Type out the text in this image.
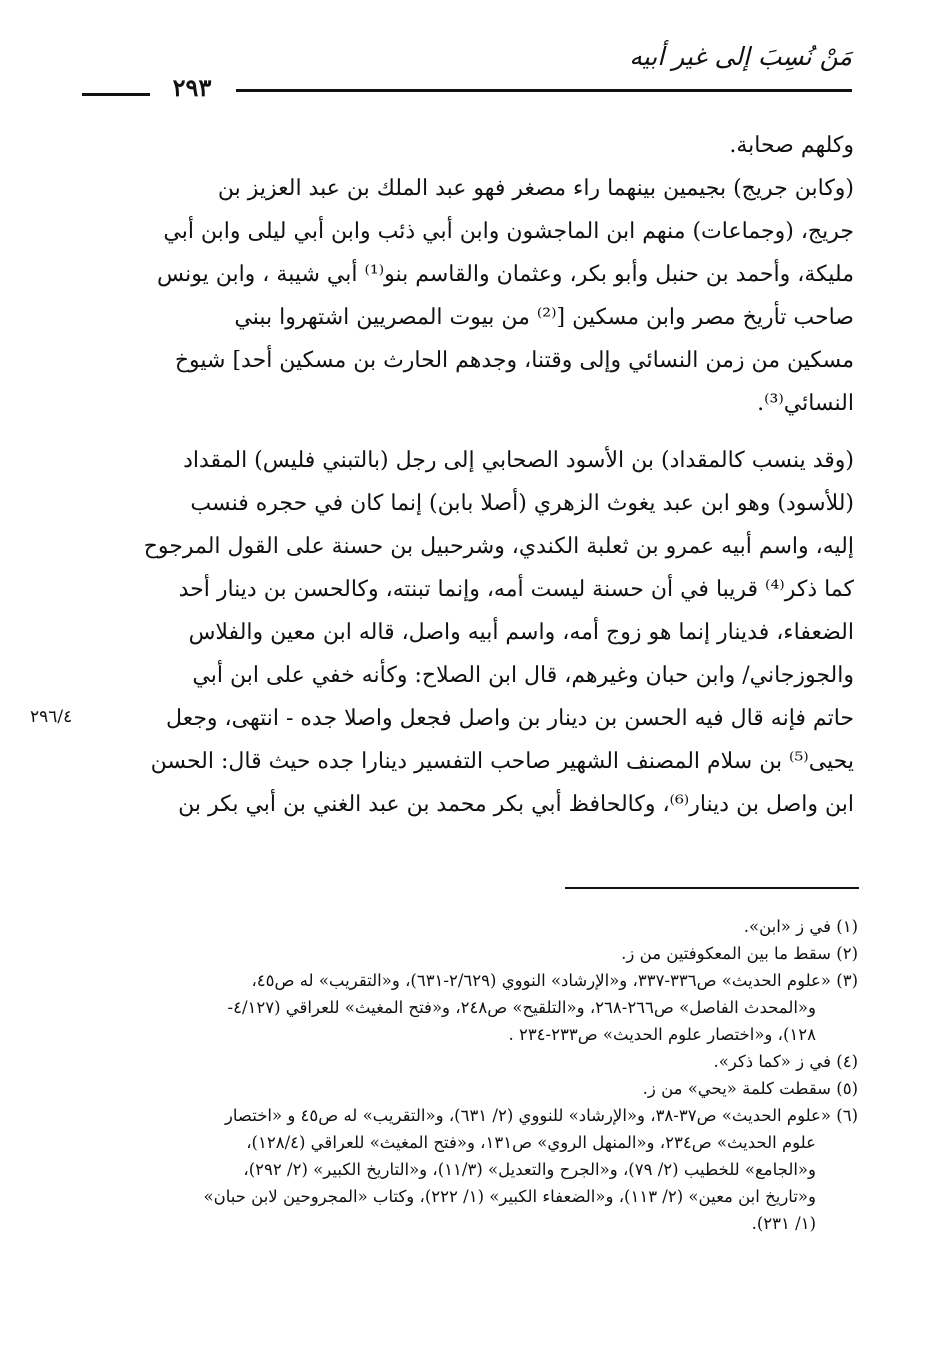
مَنْ نُسِبَ إلى غير أبيه
٢٩٣
وكلهم صحابة.
(وكابن جريج) بجيمين بينهما راء مصغر فهو عبد الملك بن عبد العزيز بن
جريج، (وجماعات) منهم ابن الماجشون وابن أبي ذئب وابن أبي ليلى وابن أبي
مليكة، وأحمد بن حنبل وأبو بكر، وعثمان والقاسم بنو⁽¹⁾ أبي شيبة ، وابن يونس
صاحب تأريخ مصر وابن مسكين [⁽²⁾ من بيوت المصريين اشتهروا ببني
مسكين من زمن النسائي وإلى وقتنا، وجدهم الحارث بن مسكين أحد] شيوخ
النسائي⁽³⁾.
(وقد ينسب كالمقداد) بن الأسود الصحابي إلى رجل (بالتبني فليس) المقداد
(للأسود) وهو ابن عبد يغوث الزهري (أصلا بابن) إنما كان في حجره فنسب
إليه، واسم أبيه عمرو بن ثعلبة الكندي، وشرحبيل بن حسنة على القول المرجوح
كما ذكر⁽⁴⁾ قريبا في أن حسنة ليست أمه، وإنما تبنته، وكالحسن بن دينار أحد
الضعفاء، فدينار إنما هو زوج أمه، واسم أبيه واصل، قاله ابن معين والفلاس
والجوزجاني/ وابن حبان وغيرهم، قال ابن الصلاح: وكأنه خفي على ابن أبي
حاتم فإنه قال فيه الحسن بن دينار بن واصل فجعل واصلا جده - انتهى، وجعل
يحيى⁽⁵⁾ بن سلام المصنف الشهير صاحب التفسير دينارا جده حيث قال: الحسن
ابن واصل بن دينار⁽⁶⁾، وكالحافظ أبي بكر محمد بن عبد الغني بن أبي بكر بن
٢٩٦/٤
(١) في ز «ابن».
(٢) سقط ما بين المعكوفتين من ز.
(٣) «علوم الحديث» ص٣٣٦-٣٣٧، و«الإرشاد» النووي (٢/٦٢٩-٦٣١)، و«التقريب» له ص٤٥،
و«المحدث الفاصل» ص٢٦٦-٢٦٨، و«التلقيح» ص٢٤٨، و«فتح المغيث» للعراقي (٤/١٢٧-
١٢٨)، و«اختصار علوم الحديث» ص٢٣٣-٢٣٤ .
(٤) في ز «كما ذكر».
(٥) سقطت كلمة «يحي» من ز.
(٦) «علوم الحديث» ص٣٧-٣٨، و«الإرشاد» للنووي (٢/ ٦٣١)، و«التقريب» له ص٤٥ و «اختصار
علوم الحديث» ص٢٣٤، و«المنهل الروي» ص١٣١، و«فتح المغيث» للعراقي (١٢٨/٤)،
و«الجامع» للخطيب (٢/ ٧٩)، و«الجرح والتعديل» (١١/٣)، و«التاريخ الكبير» (٢/ ٢٩٢)،
و«تاريخ ابن معين» (٢/ ١١٣)، و«الضعفاء الكبير» (١/ ٢٢٢)، وكتاب «المجروحين لابن حبان»
(١/ ٢٣١).
